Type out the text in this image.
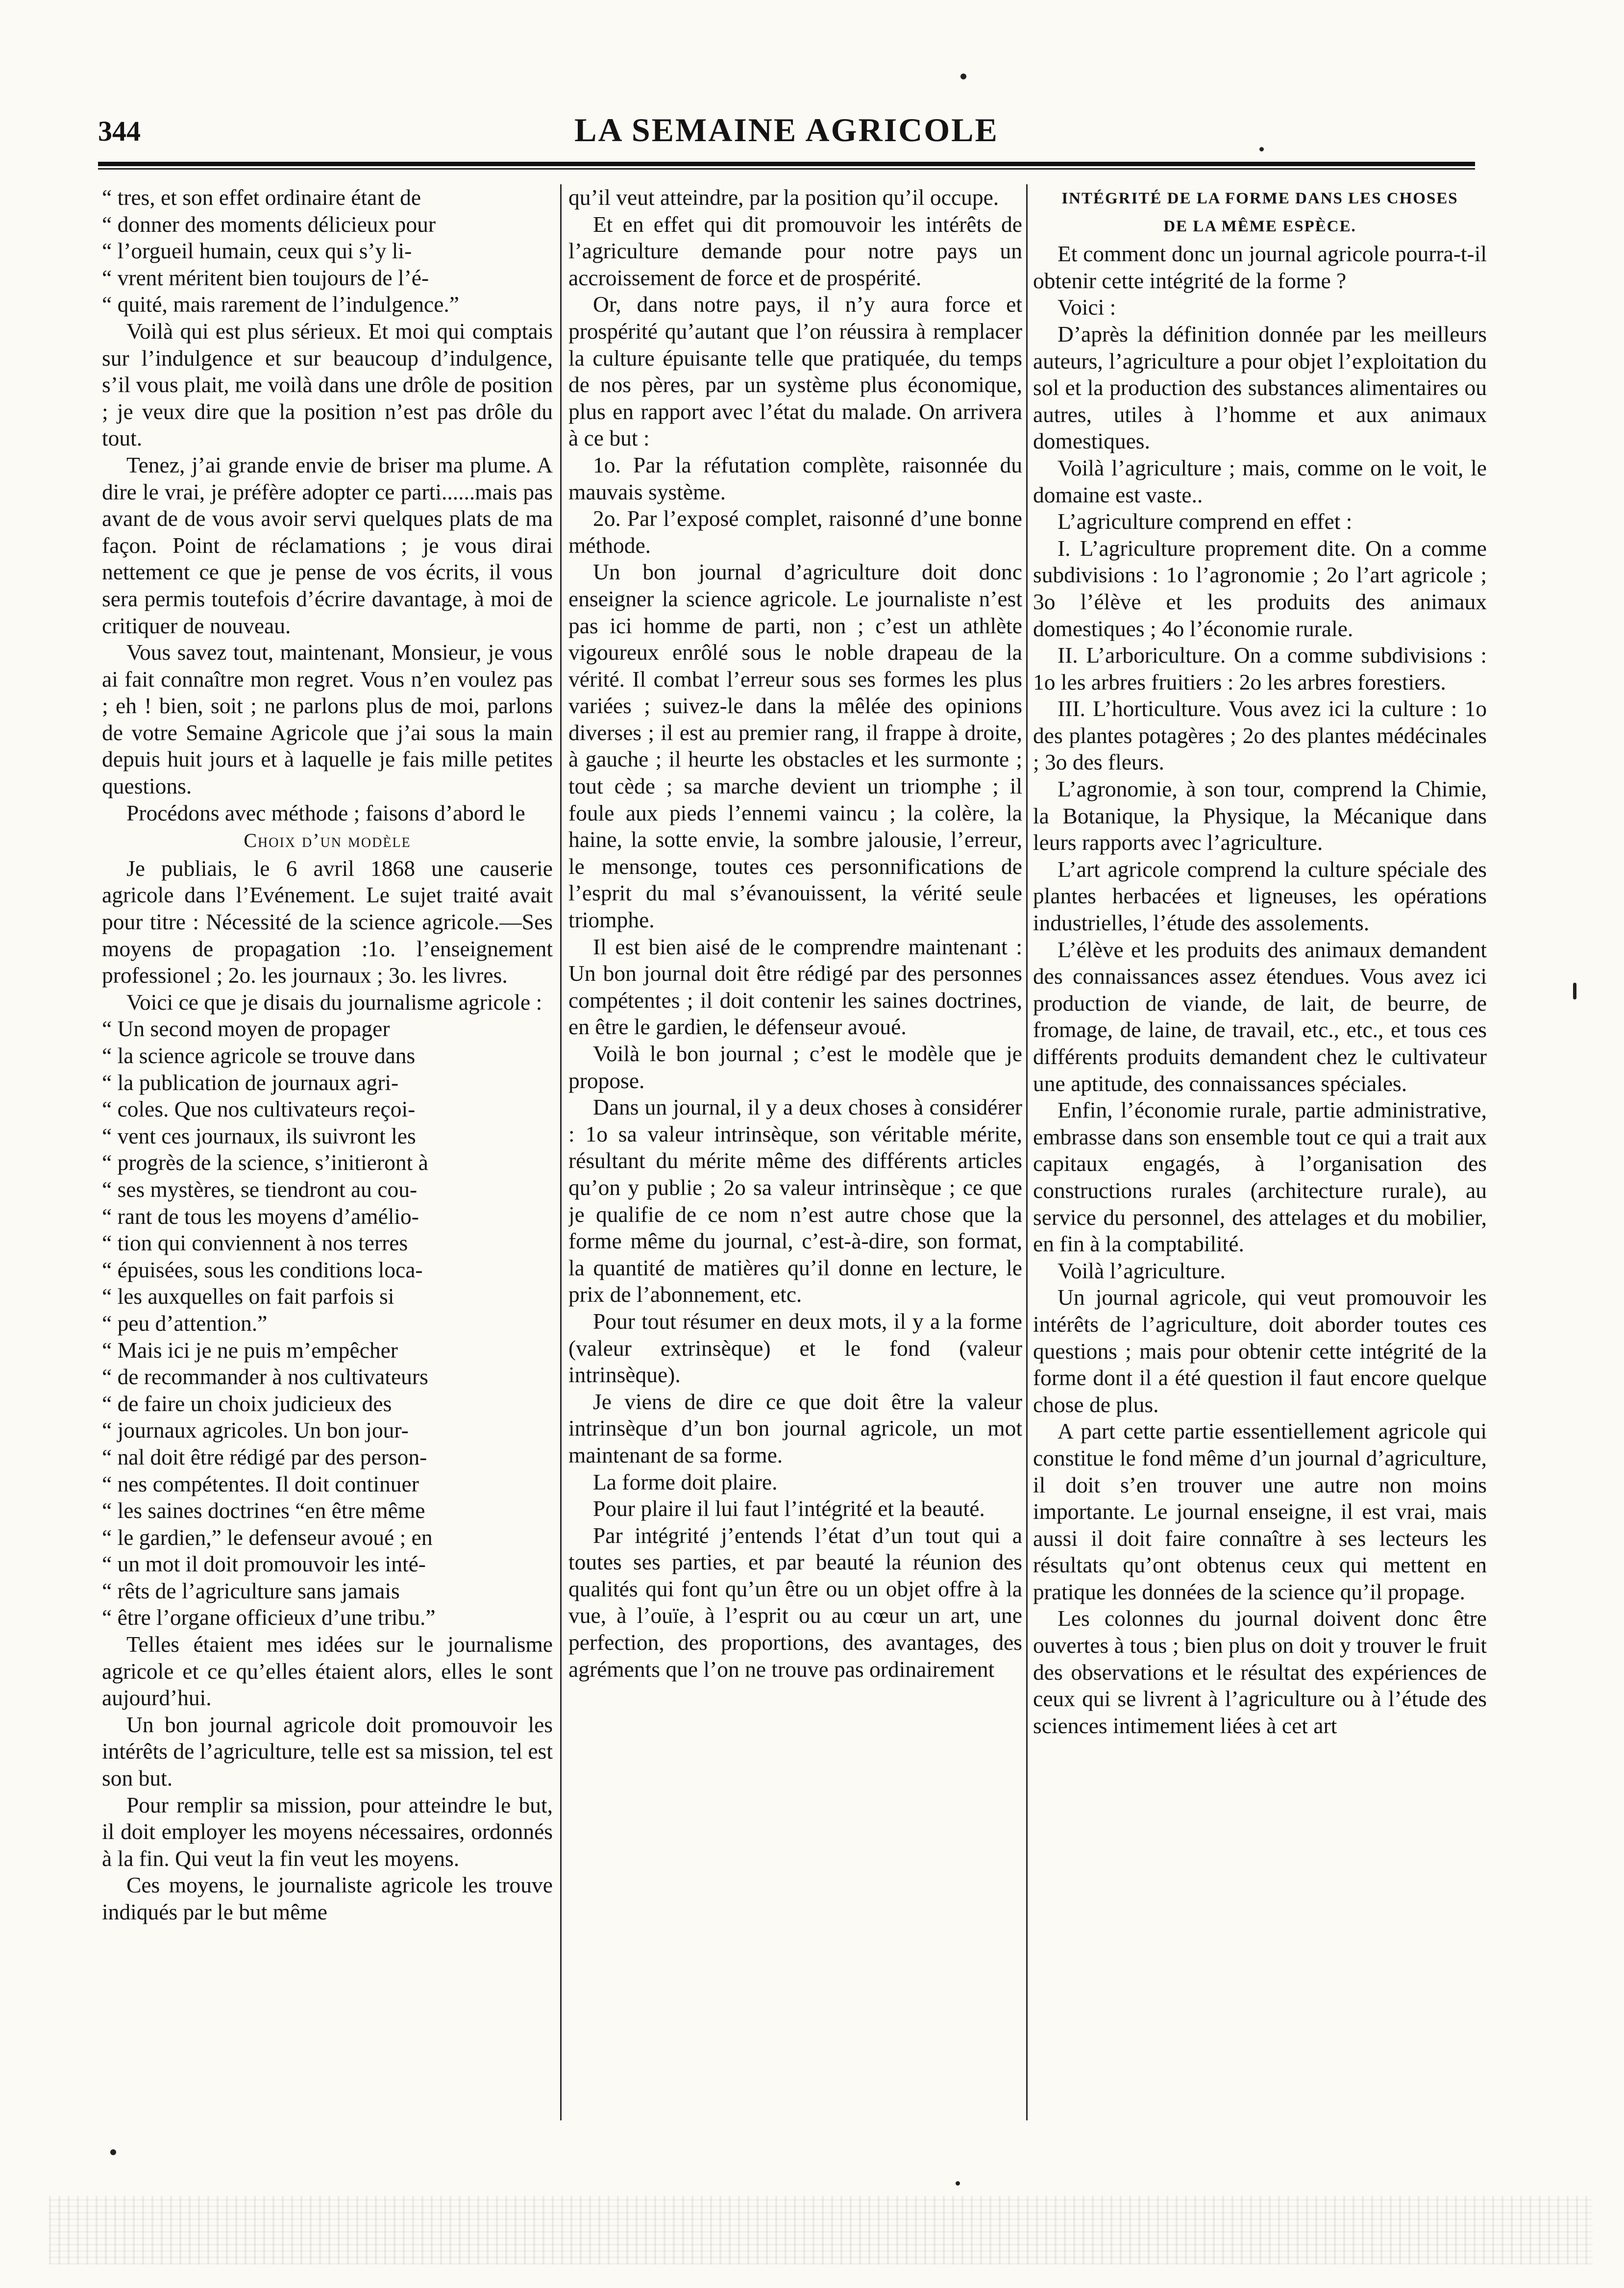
344	LA SEMAINE AGRICOLE
“ tres, et son effet ordinaire étant de
“ donner des moments délicieux pour
“ l’orgueil humain, ceux qui s’y li-
“ vrent méritent bien toujours de l’é-
“ quité, mais rarement de l’indulgence.”

Voilà qui est plus sérieux. Et moi qui comptais sur l’indulgence et sur beaucoup d’indulgence, s’il vous plait, me voilà dans une drôle de position ; je veux dire que la position n’est pas drôle du tout.

Tenez, j’ai grande envie de briser ma plume. A dire le vrai, je préfère adopter ce parti......mais pas avant de de vous avoir servi quelques plats de ma façon. Point de réclamations ; je vous dirai nettement ce que je pense de vos écrits, il vous sera permis toutefois d’écrire davantage, à moi de critiquer de nouveau.

Vous savez tout, maintenant, Monsieur, je vous ai fait connaître mon regret. Vous n’en voulez pas ; eh ! bien, soit ; ne parlons plus de moi, parlons de votre Semaine Agricole que j’ai sous la main depuis huit jours et à laquelle je fais mille petites questions.

Procédons avec méthode ; faisons d’abord le

Choix d’un modèle

Je publiais, le 6 avril 1868 une causerie agricole dans l’Evénement. Le sujet traité avait pour titre : Nécessité de la science agricole.—Ses moyens de propagation :1o. l’enseignement professionel ; 2o. les journaux ; 3o. les livres.

Voici ce que je disais du journalisme agricole :

“ Un second moyen de propager
“ la science agricole se trouve dans
“ la publication de journaux agri-
“ coles. Que nos cultivateurs reçoi-
“ vent ces journaux, ils suivront les
“ progrès de la science, s’initieront à
“ ses mystères, se tiendront au cou-
“ rant de tous les moyens d’amélio-
“ tion qui conviennent à nos terres
“ épuisées, sous les conditions loca-
“ les auxquelles on fait parfois si
“ peu d’attention.”
“ Mais ici je ne puis m’empêcher
“ de recommander à nos cultivateurs
“ de faire un choix judicieux des
“ journaux agricoles. Un bon jour-
“ nal doit être rédigé par des person-
“ nes compétentes. Il doit continuer
“ les saines doctrines “en être même
“ le gardien,” le defenseur avoué ; en
“ un mot il doit promouvoir les inté-
“ rêts de l’agriculture sans jamais
“ être l’organe officieux d’une tribu.”

Telles étaient mes idées sur le journalisme agricole et ce qu’elles étaient alors, elles le sont aujourd’hui.

Un bon journal agricole doit promouvoir les intérêts de l’agriculture, telle est sa mission, tel est son but.

Pour remplir sa mission, pour atteindre le but, il doit employer les moyens nécessaires, ordonnés à la fin. Qui veut la fin veut les moyens.

Ces moyens, le journaliste agricole les trouve indiqués par le but même

qu’il veut atteindre, par la position qu’il occupe.

Et en effet qui dit promouvoir les intérêts de l’agriculture demande pour notre pays un accroissement de force et de prospérité.

Or, dans notre pays, il n’y aura force et prospérité qu’autant que l’on réussira à remplacer la culture épuisante telle que pratiquée, du temps de nos pères, par un système plus économique, plus en rapport avec l’état du malade. On arrivera à ce but :

1o. Par la réfutation complète, raisonnée du mauvais système.

2o. Par l’exposé complet, raisonné d’une bonne méthode.

Un bon journal d’agriculture doit donc enseigner la science agricole. Le journaliste n’est pas ici homme de parti, non ; c’est un athlète vigoureux enrôlé sous le noble drapeau de la vérité. Il combat l’erreur sous ses formes les plus variées ; suivez-le dans la mêlée des opinions diverses ; il est au premier rang, il frappe à droite, à gauche ; il heurte les obstacles et les surmonte ; tout cède ; sa marche devient un triomphe ; il foule aux pieds l’ennemi vaincu ; la colère, la haine, la sotte envie, la sombre jalousie, l’erreur, le mensonge, toutes ces personnifications de l’esprit du mal s’évanouissent, la vérité seule triomphe.

Il est bien aisé de le comprendre maintenant : Un bon journal doit être rédigé par des personnes compétentes ; il doit contenir les saines doctrines, en être le gardien, le défenseur avoué.

Voilà le bon journal ; c’est le modèle que je propose.

Dans un journal, il y a deux choses à considérer : 1o sa valeur intrinsèque, son véritable mérite, résultant du mérite même des différents articles qu’on y publie ; 2o sa valeur intrinsèque ; ce que je qualifie de ce nom n’est autre chose que la forme même du journal, c’est-à-dire, son format, la quantité de matières qu’il donne en lecture, le prix de l’abonnement, etc.

Pour tout résumer en deux mots, il y a la forme (valeur extrinsèque) et le fond (valeur intrinsèque).

Je viens de dire ce que doit être la valeur intrinsèque d’un bon journal agricole, un mot maintenant de sa forme.

La forme doit plaire.

Pour plaire il lui faut l’intégrité et la beauté.

Par intégrité j’entends l’état d’un tout qui a toutes ses parties, et par beauté la réunion des qualités qui font qu’un être ou un objet offre à la vue, à l’ouïe, à l’esprit ou au cœur un art, une perfection, des proportions, des avantages, des agréments que l’on ne trouve pas ordinairement

INTÉGRITÉ DE LA FORME DANS LES CHOSES
DE LA MÊME ESPÈCE.

Et comment donc un journal agricole pourra-t-il obtenir cette intégrité de la forme ?

Voici :

D’après la définition donnée par les meilleurs auteurs, l’agriculture a pour objet l’exploitation du sol et la production des substances alimentaires ou autres, utiles à l’homme et aux animaux domestiques.

Voilà l’agriculture ; mais, comme on le voit, le domaine est vaste..

L’agriculture comprend en effet :

I. L’agriculture proprement dite. On a comme subdivisions : 1o l’agronomie ; 2o l’art agricole ; 3o l’élève et les produits des animaux domestiques ; 4o l’économie rurale.

II. L’arboriculture. On a comme subdivisions : 1o les arbres fruitiers : 2o les arbres forestiers.

III. L’horticulture. Vous avez ici la culture : 1o des plantes potagères ; 2o des plantes médécinales ; 3o des fleurs.

L’agronomie, à son tour, comprend la Chimie, la Botanique, la Physique, la Mécanique dans leurs rapports avec l’agriculture.

L’art agricole comprend la culture spéciale des plantes herbacées et ligneuses, les opérations industrielles, l’étude des assolements.

L’élève et les produits des animaux demandent des connaissances assez étendues. Vous avez ici production de viande, de lait, de beurre, de fromage, de laine, de travail, etc., etc., et tous ces différents produits demandent chez le cultivateur une aptitude, des connaissances spéciales.

Enfin, l’économie rurale, partie administrative, embrasse dans son ensemble tout ce qui a trait aux capitaux engagés, à l’organisation des constructions rurales (architecture rurale), au service du personnel, des attelages et du mobilier, en fin à la comptabilité.

Voilà l’agriculture.

Un journal agricole, qui veut promouvoir les intérêts de l’agriculture, doit aborder toutes ces questions ; mais pour obtenir cette intégrité de la forme dont il a été question il faut encore quelque chose de plus.

A part cette partie essentiellement agricole qui constitue le fond même d’un journal d’agriculture, il doit s’en trouver une autre non moins importante. Le journal enseigne, il est vrai, mais aussi il doit faire connaître à ses lecteurs les résultats qu’ont obtenus ceux qui mettent en pratique les données de la science qu’il propage.

Les colonnes du journal doivent donc être ouvertes à tous ; bien plus on doit y trouver le fruit des observations et le résultat des expériences de ceux qui se livrent à l’agriculture ou à l’étude des sciences intimement liées à cet art
